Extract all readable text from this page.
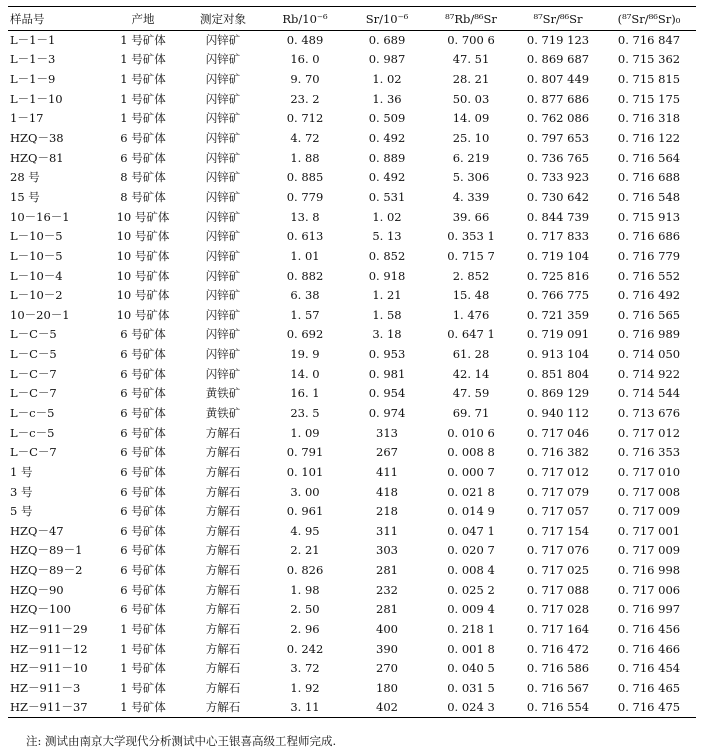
样品号	产地	测定对象	Rb/10⁻⁶	Sr/10⁻⁶	⁸⁷Rb/⁸⁶Sr	⁸⁷Sr/⁸⁶Sr	(⁸⁷Sr/⁸⁶Sr)₀
L－1－1	1 号矿体	闪锌矿	0. 489	0. 689	0. 700 6	0. 719 123	0. 716 847
L－1－3	1 号矿体	闪锌矿	16. 0	0. 987	47. 51	0. 869 687	0. 715 362
L－1－9	1 号矿体	闪锌矿	9. 70	1. 02	28. 21	0. 807 449	0. 715 815
L－1－10	1 号矿体	闪锌矿	23. 2	1. 36	50. 03	0. 877 686	0. 715 175
1－17	1 号矿体	闪锌矿	0. 712	0. 509	14. 09	0. 762 086	0. 716 318
HZQ－38	6 号矿体	闪锌矿	4. 72	0. 492	25. 10	0. 797 653	0. 716 122
HZQ－81	6 号矿体	闪锌矿	1. 88	0. 889	6. 219	0. 736 765	0. 716 564
28 号	8 号矿体	闪锌矿	0. 885	0. 492	5. 306	0. 733 923	0. 716 688
15 号	8 号矿体	闪锌矿	0. 779	0. 531	4. 339	0. 730 642	0. 716 548
10－16－1	10 号矿体	闪锌矿	13. 8	1. 02	39. 66	0. 844 739	0. 715 913
L－10－5	10 号矿体	闪锌矿	0. 613	5. 13	0. 353 1	0. 717 833	0. 716 686
L－10－5	10 号矿体	闪锌矿	1. 01	0. 852	0. 715 7	0. 719 104	0. 716 779
L－10－4	10 号矿体	闪锌矿	0. 882	0. 918	2. 852	0. 725 816	0. 716 552
L－10－2	10 号矿体	闪锌矿	6. 38	1. 21	15. 48	0. 766 775	0. 716 492
10－20－1	10 号矿体	闪锌矿	1. 57	1. 58	1. 476	0. 721 359	0. 716 565
L－C－5	6 号矿体	闪锌矿	0. 692	3. 18	0. 647 1	0. 719 091	0. 716 989
L－C－5	6 号矿体	闪锌矿	19. 9	0. 953	61. 28	0. 913 104	0. 714 050
L－C－7	6 号矿体	闪锌矿	14. 0	0. 981	42. 14	0. 851 804	0. 714 922
L－C－7	6 号矿体	黄铁矿	16. 1	0. 954	47. 59	0. 869 129	0. 714 544
L－c－5	6 号矿体	黄铁矿	23. 5	0. 974	69. 71	0. 940 112	0. 713 676
L－c－5	6 号矿体	方解石	1. 09	313	0. 010 6	0. 717 046	0. 717 012
L－C－7	6 号矿体	方解石	0. 791	267	0. 008 8	0. 716 382	0. 716 353
1 号	6 号矿体	方解石	0. 101	411	0. 000 7	0. 717 012	0. 717 010
3 号	6 号矿体	方解石	3. 00	418	0. 021 8	0. 717 079	0. 717 008
5 号	6 号矿体	方解石	0. 961	218	0. 014 9	0. 717 057	0. 717 009
HZQ－47	6 号矿体	方解石	4. 95	311	0. 047 1	0. 717 154	0. 717 001
HZQ－89－1	6 号矿体	方解石	2. 21	303	0. 020 7	0. 717 076	0. 717 009
HZQ－89－2	6 号矿体	方解石	0. 826	281	0. 008 4	0. 717 025	0. 716 998
HZQ－90	6 号矿体	方解石	1. 98	232	0. 025 2	0. 717 088	0. 717 006
HZQ－100	6 号矿体	方解石	2. 50	281	0. 009 4	0. 717 028	0. 716 997
HZ－911－29	1 号矿体	方解石	2. 96	400	0. 218 1	0. 717 164	0. 716 456
HZ－911－12	1 号矿体	方解石	0. 242	390	0. 001 8	0. 716 472	0. 716 466
HZ－911－10	1 号矿体	方解石	3. 72	270	0. 040 5	0. 716 586	0. 716 454
HZ－911－3	1 号矿体	方解石	1. 92	180	0. 031 5	0. 716 567	0. 716 465
HZ－911－37	1 号矿体	方解石	3. 11	402	0. 024 3	0. 716 554	0. 716 475
注: 测试由南京大学现代分析测试中心王银喜高级工程师完成.
